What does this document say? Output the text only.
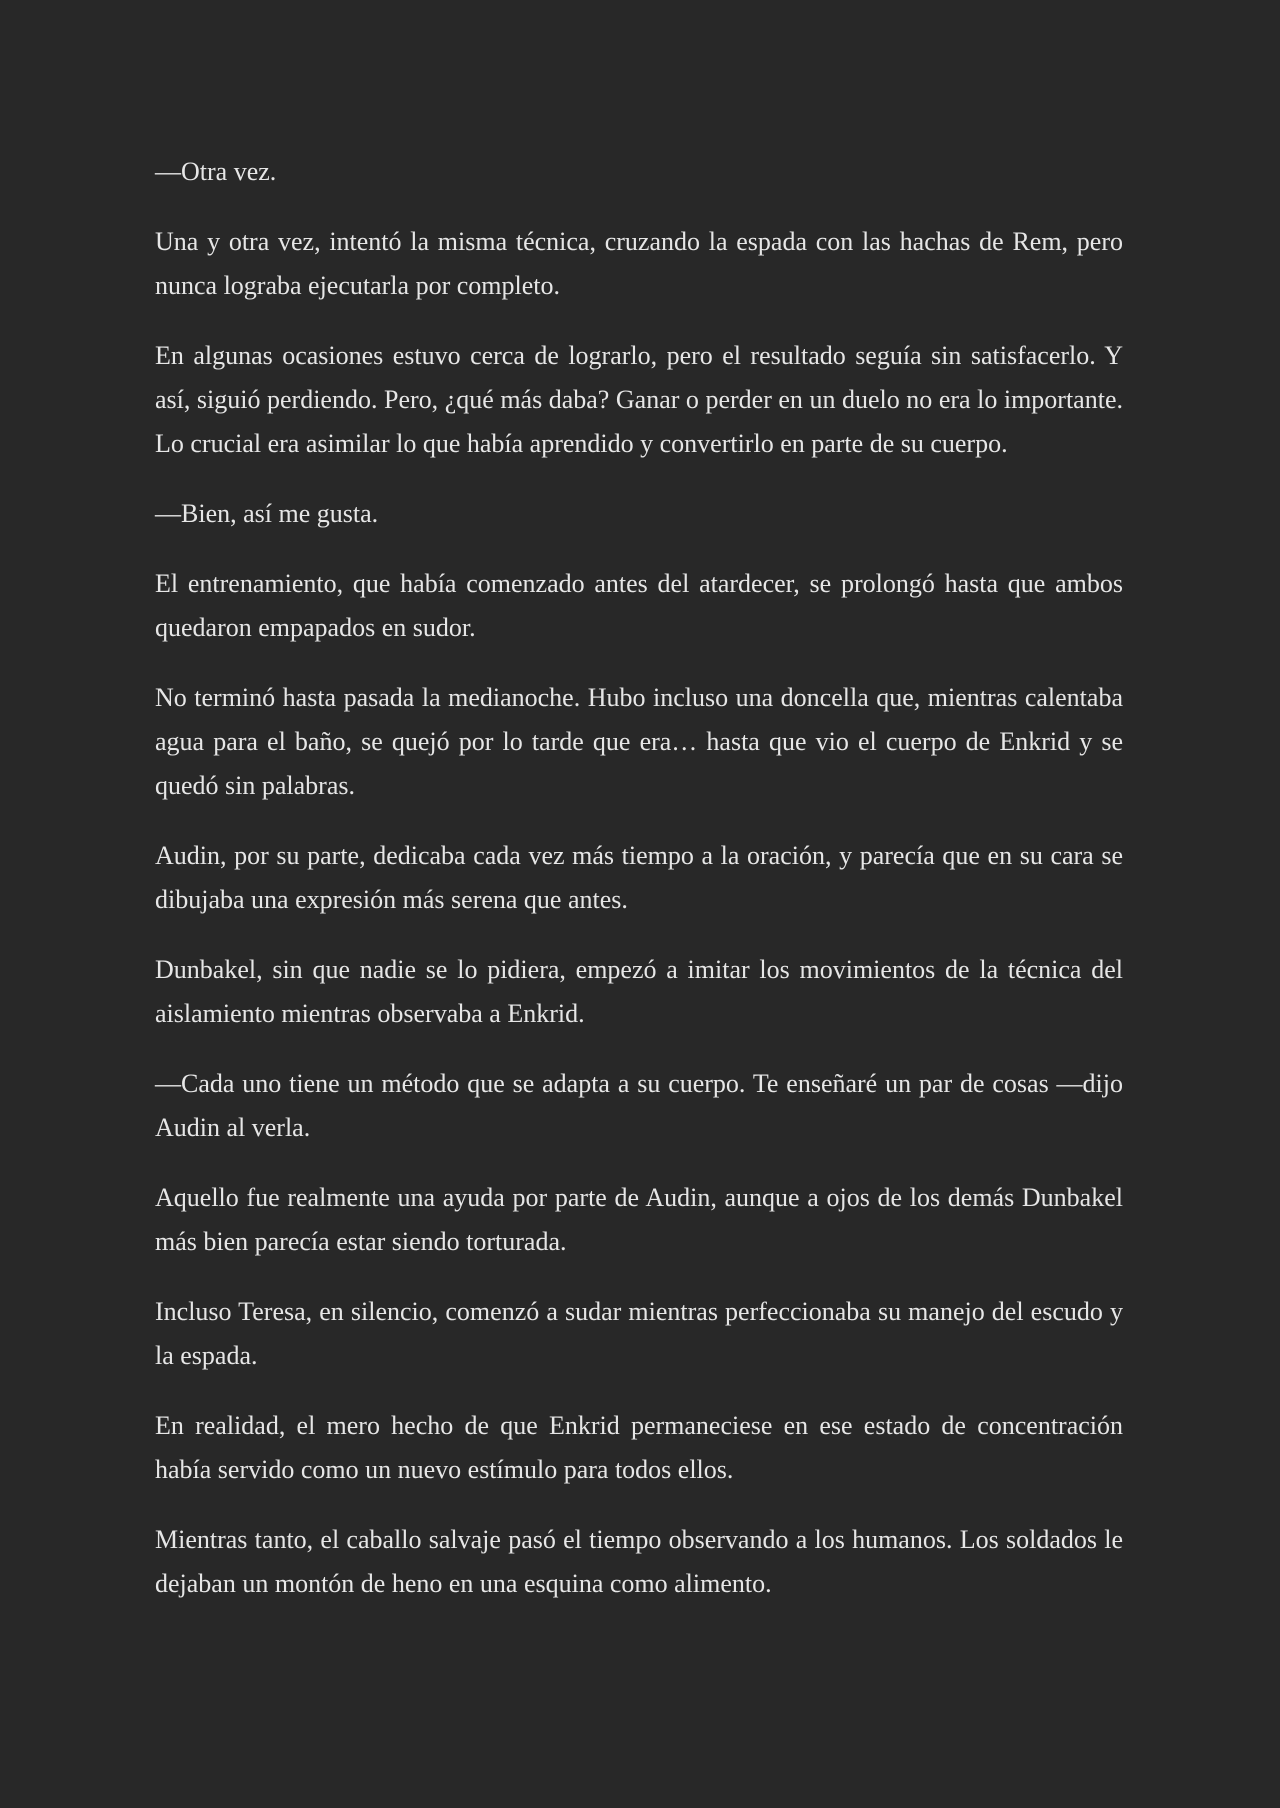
—Otra vez.

Una y otra vez, intentó la misma técnica, cruzando la espada con las hachas de Rem, pero nunca lograba ejecutarla por completo.

En algunas ocasiones estuvo cerca de lograrlo, pero el resultado seguía sin satisfacerlo. Y así, siguió perdiendo. Pero, ¿qué más daba? Ganar o perder en un duelo no era lo importante. Lo crucial era asimilar lo que había aprendido y convertirlo en parte de su cuerpo.

—Bien, así me gusta.

El entrenamiento, que había comenzado antes del atardecer, se prolongó hasta que ambos quedaron empapados en sudor.

No terminó hasta pasada la medianoche. Hubo incluso una doncella que, mientras calentaba agua para el baño, se quejó por lo tarde que era… hasta que vio el cuerpo de Enkrid y se quedó sin palabras.

Audin, por su parte, dedicaba cada vez más tiempo a la oración, y parecía que en su cara se dibujaba una expresión más serena que antes.

Dunbakel, sin que nadie se lo pidiera, empezó a imitar los movimientos de la técnica del aislamiento mientras observaba a Enkrid.

—Cada uno tiene un método que se adapta a su cuerpo. Te enseñaré un par de cosas —dijo Audin al verla.

Aquello fue realmente una ayuda por parte de Audin, aunque a ojos de los demás Dunbakel más bien parecía estar siendo torturada.

Incluso Teresa, en silencio, comenzó a sudar mientras perfeccionaba su manejo del escudo y la espada.

En realidad, el mero hecho de que Enkrid permaneciese en ese estado de concentración había servido como un nuevo estímulo para todos ellos.

Mientras tanto, el caballo salvaje pasó el tiempo observando a los humanos. Los soldados le dejaban un montón de heno en una esquina como alimento.
